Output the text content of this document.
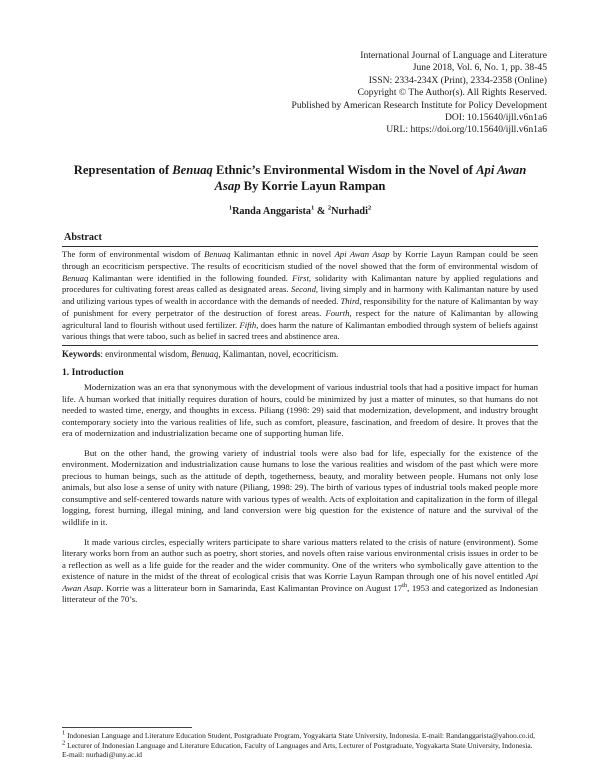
International Journal of Language and Literature
June 2018, Vol. 6, No. 1, pp. 38-45
ISSN: 2334-234X (Print), 2334-2358 (Online)
Copyright © The Author(s). All Rights Reserved.
Published by American Research Institute for Policy Development
DOI: 10.15640/ijll.v6n1a6
URL: https://doi.org/10.15640/ijll.v6n1a6
Representation of Benuaq Ethnic’s Environmental Wisdom in the Novel of Api Awan Asap By Korrie Layun Rampan
$^1$Randa Anggarista$^1$ & $^2$Nurhadi$^2$
Abstract
The form of environmental wisdom of Benuaq Kalimantan ethnic in novel Api Awan Asap by Korrie Layun Rampan could be seen through an ecocriticism perspective. The results of ecocriticism studied of the novel showed that the form of environmental wisdom of Benuaq Kalimantan were identified in the following founded. First, solidarity with Kalimantan nature by applied regulations and procedures for cultivating forest areas called as designated areas. Second, living simply and in harmony with Kalimantan nature by used and utilizing various types of wealth in accordance with the demands of needed. Third, responsibility for the nature of Kalimantan by way of punishment for every perpetrator of the destruction of forest areas. Fourth, respect for the nature of Kalimantan by allowing agricultural land to flourish without used fertilizer. Fifth, does harm the nature of Kalimantan embodied through system of beliefs against various things that were taboo, such as belief in sacred trees and abstinence area.
Keywords: environmental wisdom, Benuaq, Kalimantan, novel, ecocriticism.
1. Introduction

Modernization was an era that synonymous with the development of various industrial tools that had a positive impact for human life. A human worked that initially requires duration of hours, could be minimized by just a matter of minutes, so that humans do not needed to wasted time, energy, and thoughts in excess. Piliang (1998: 29) said that modernization, development, and industry brought contemporary society into the various realities of life, such as comfort, pleasure, fascination, and freedom of desire. It proves that the era of modernization and industrialization became one of supporting human life.

But on the other hand, the growing variety of industrial tools were also bad for life, especially for the existence of the environment. Modernization and industrialization cause humans to lose the various realities and wisdom of the past which were more precious to human beings, such as the attitude of depth, togetherness, beauty, and morality between people. Humans not only lose animals, but also lose a sense of unity with nature (Piliang, 1998: 29). The birth of various types of industrial tools maked people more consumptive and self-centered towards nature with various types of wealth. Acts of exploitation and capitalization in the form of illegal logging, forest burning, illegal mining, and land conversion were big question for the existence of nature and the survival of the wildlife in it.

It made various circles, especially writers participate to share various matters related to the crisis of nature (environment). Some literary works born from an author such as poetry, short stories, and novels often raise various environmental crisis issues in order to be a reflection as well as a life guide for the reader and the wider community. One of the writers who symbolically gave attention to the existence of nature in the midst of the threat of ecological crisis that was Korrie Layun Rampan through one of his novel entitled Api Awan Asap. Korrie was a litterateur born in Samarinda, East Kalimantan Province on August 17th, 1953 and categorized as Indonesian litterateur of the 70’s.

$^1$ Indonesian Language and Literature Education Student, Postgraduate Program, Yogyakarta State University, Indonesia. E-mail: Randanggarista@yahoo.co.id,

$^2$ Lecturer of Indonesian Language and Literature Education, Faculty of Languages and Arts, Lecturer of Postgraduate, Yogyakarta State University, Indonesia. E-mail: nurhadi@uny.ac.id
